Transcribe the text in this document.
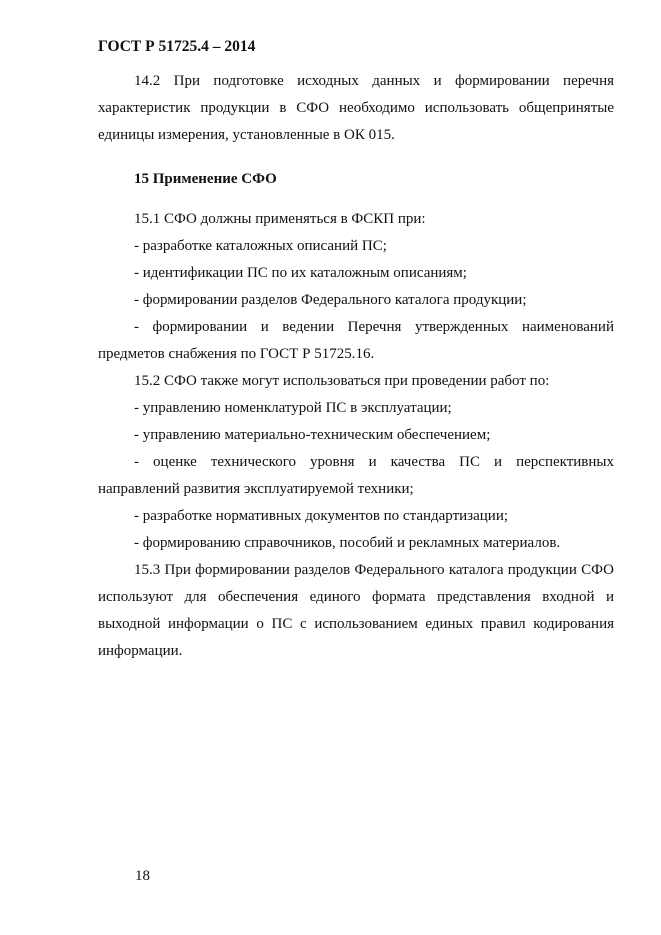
ГОСТ Р 51725.4 – 2014

14.2 При подготовке исходных данных и формировании перечня характеристик продукции в СФО необходимо использовать общепринятые единицы измерения, установленные в ОК 015.

15 Применение СФО

15.1 СФО должны применяться в ФСКП при:

- разработке каталожных описаний ПС;

- идентификации ПС по их каталожным описаниям;

- формировании разделов Федерального каталога продукции;

- формировании и ведении Перечня утвержденных наименований предметов снабжения по ГОСТ Р 51725.16.

15.2 СФО также могут использоваться при проведении работ по:

- управлению номенклатурой ПС в эксплуатации;

- управлению материально-техническим обеспечением;

- оценке технического уровня и качества ПС и перспективных направлений развития эксплуатируемой техники;

- разработке нормативных документов по стандартизации;

- формированию справочников, пособий и рекламных материалов.

15.3 При формировании разделов Федерального каталога продукции СФО используют для обеспечения единого формата представления входной и выходной информации о ПС с использованием единых правил кодирования информации.

18
